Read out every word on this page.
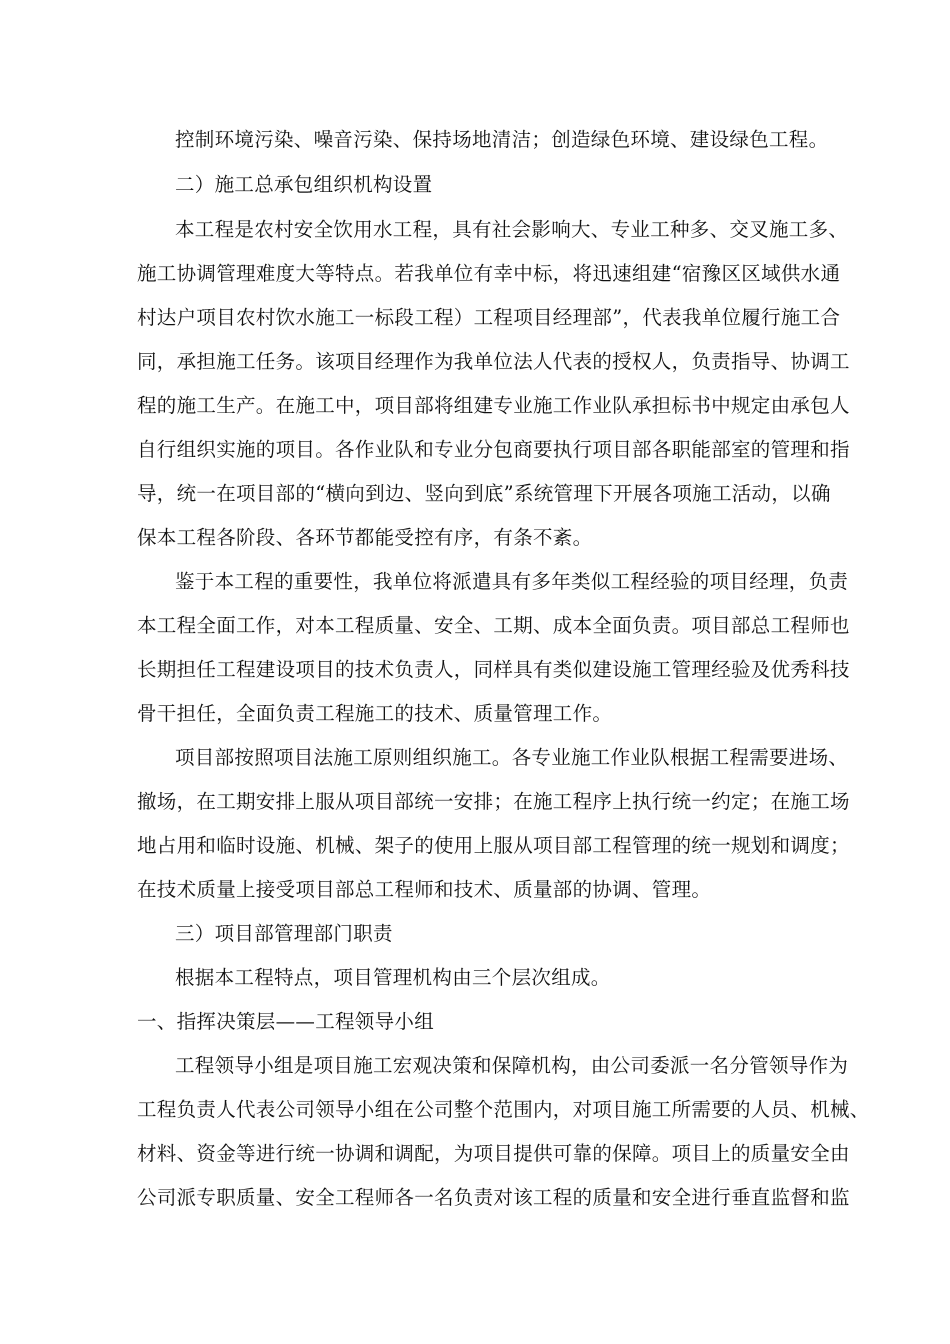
控制环境污染、噪音污染、保持场地清洁；创造绿色环境、建设绿色工程。
二）施工总承包组织机构设置
本工程是农村安全饮用水工程，具有社会影响大、专业工种多、交叉施工多、
施工协调管理难度大等特点。若我单位有幸中标，将迅速组建“宿豫区区域供水通
村达户项目农村饮水施工一标段工程）工程项目经理部”，代表我单位履行施工合
同，承担施工任务。该项目经理作为我单位法人代表的授权人，负责指导、协调工
程的施工生产。在施工中，项目部将组建专业施工作业队承担标书中规定由承包人
自行组织实施的项目。各作业队和专业分包商要执行项目部各职能部室的管理和指
导，统一在项目部的“横向到边、竖向到底”系统管理下开展各项施工活动，以确
保本工程各阶段、各环节都能受控有序，有条不紊。
鉴于本工程的重要性，我单位将派遣具有多年类似工程经验的项目经理，负责
本工程全面工作，对本工程质量、安全、工期、成本全面负责。项目部总工程师也
长期担任工程建设项目的技术负责人，同样具有类似建设施工管理经验及优秀科技
骨干担任，全面负责工程施工的技术、质量管理工作。
项目部按照项目法施工原则组织施工。各专业施工作业队根据工程需要进场、
撤场，在工期安排上服从项目部统一安排；在施工程序上执行统一约定；在施工场
地占用和临时设施、机械、架子的使用上服从项目部工程管理的统一规划和调度；
在技术质量上接受项目部总工程师和技术、质量部的协调、管理。
三）项目部管理部门职责
根据本工程特点，项目管理机构由三个层次组成。
一、指挥决策层——工程领导小组
工程领导小组是项目施工宏观决策和保障机构，由公司委派一名分管领导作为
工程负责人代表公司领导小组在公司整个范围内，对项目施工所需要的人员、机械、
材料、资金等进行统一协调和调配，为项目提供可靠的保障。项目上的质量安全由
公司派专职质量、安全工程师各一名负责对该工程的质量和安全进行垂直监督和监
